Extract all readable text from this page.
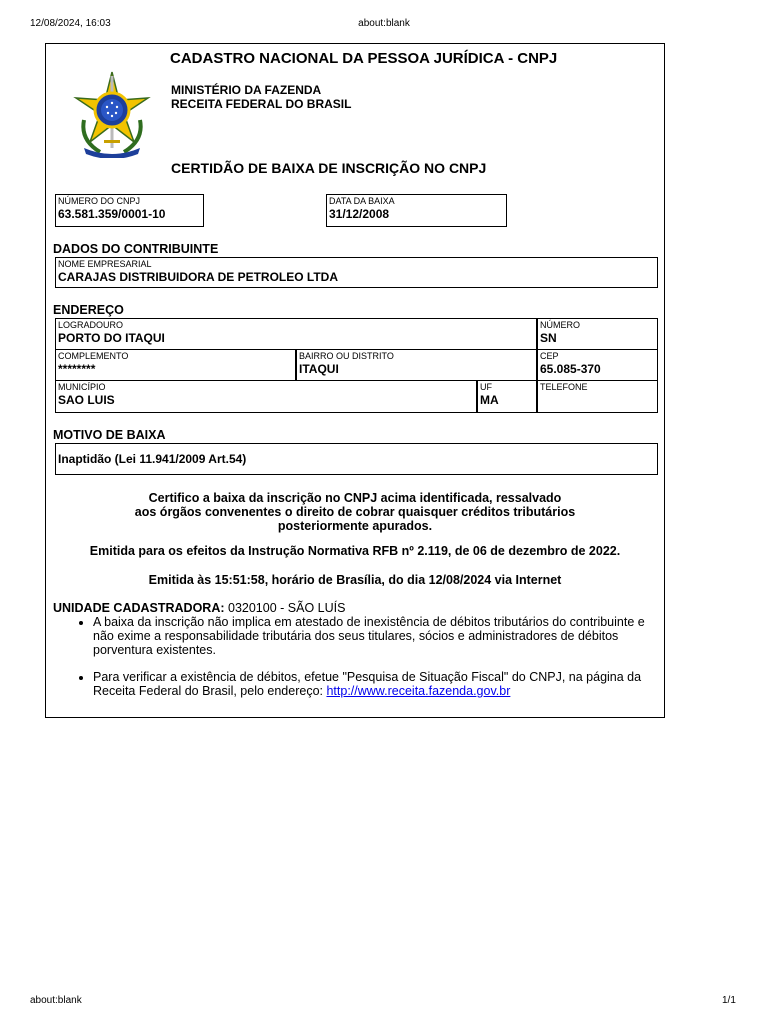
12/08/2024, 16:03	about:blank
about:blank	1/1
CADASTRO NACIONAL DA PESSOA JURÍDICA - CNPJ
MINISTÉRIO DA FAZENDA
RECEITA FEDERAL DO BRASIL
CERTIDÃO DE BAIXA DE INSCRIÇÃO NO CNPJ
NÚMERO DO CNPJ
63.581.359/0001-10
DATA DA BAIXA
31/12/2008
DADOS DO CONTRIBUINTE
NOME EMPRESARIAL
CARAJAS DISTRIBUIDORA DE PETROLEO LTDA
ENDEREÇO
LOGRADOURO
PORTO DO ITAQUI
NÚMERO
SN
COMPLEMENTO
********
BAIRRO OU DISTRITO
ITAQUI
CEP
65.085-370
MUNICÍPIO
SAO LUIS
UF
MA
TELEFONE
MOTIVO DE BAIXA
Inaptidão (Lei 11.941/2009 Art.54)
Certifico a baixa da inscrição no CNPJ acima identificada, ressalvado
aos órgãos convenentes o direito de cobrar quaisquer créditos tributários
posteriormente apurados.
Emitida para os efeitos da Instrução Normativa RFB nº 2.119, de 06 de dezembro de 2022.
Emitida às 15:51:58, horário de Brasília, do dia 12/08/2024 via Internet
UNIDADE CADASTRADORA: 0320100 - SÃO LUÍS
• A baixa da inscrição não implica em atestado de inexistência de débitos tributários do contribuinte e não exime a responsabilidade tributária dos seus titulares, sócios e administradores de débitos porventura existentes.
• Para verificar a existência de débitos, efetue "Pesquisa de Situação Fiscal" do CNPJ, na página da Receita Federal do Brasil, pelo endereço: http://www.receita.fazenda.gov.br
